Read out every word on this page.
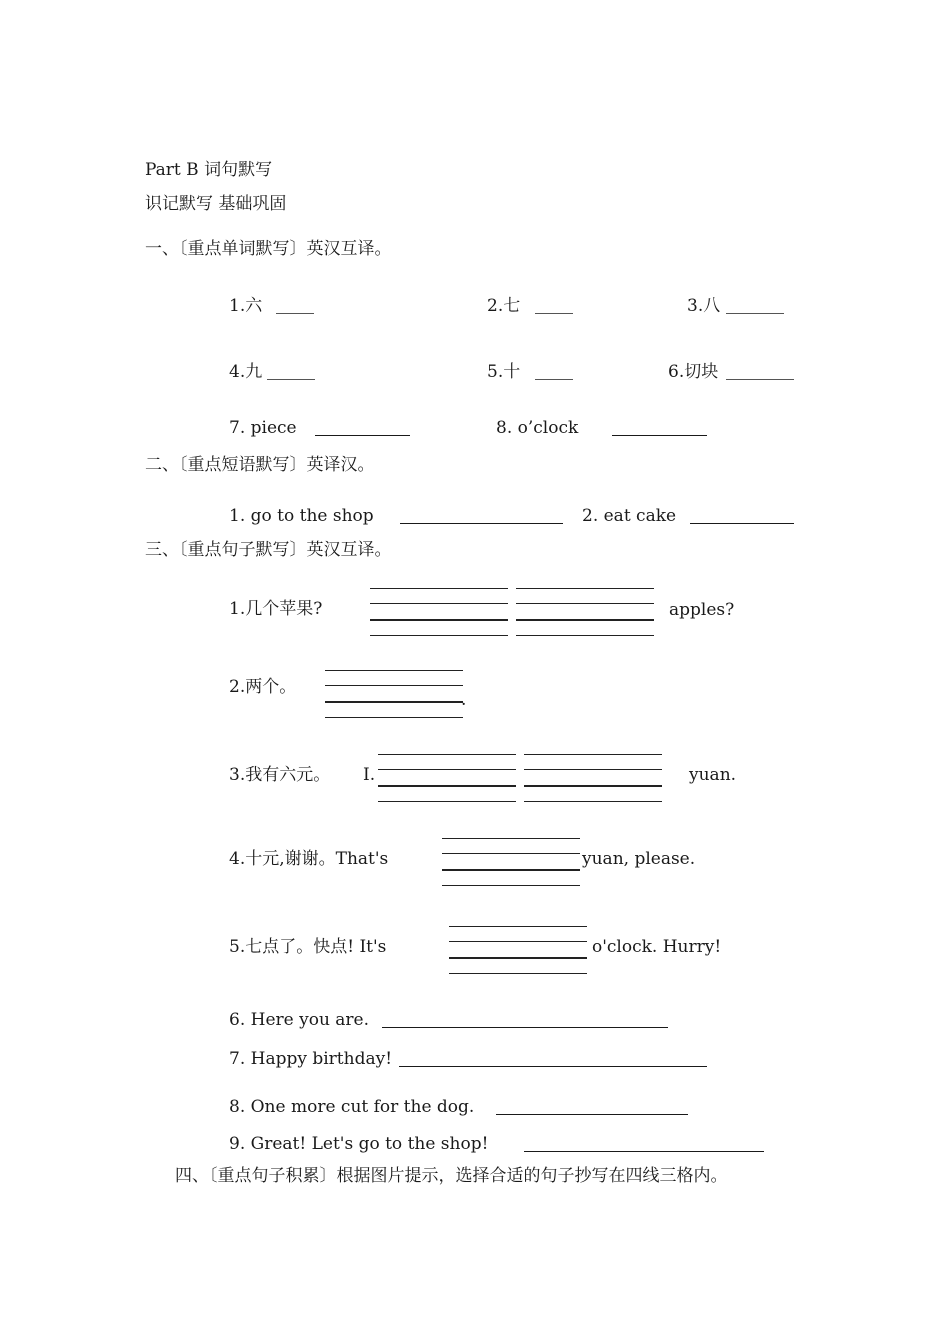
Part B 词句默写
识记默写 基础巩固
一、〔重点单词默写〕英汉互译。
1.六	2.七	3.八
4.九	5.十	6.切块
7. piece	8. o’clock
二、〔重点短语默写〕英译汉。
1. go to the shop	2. eat cake
三、〔重点句子默写〕英汉互译。
1.几个苹果?	apples?
2.两个。
.
3.我有六元。 I.	yuan.
4.十元,谢谢。That's	yuan, please.
5.七点了。快点! It's	o'clock. Hurry!
6. Here you are.
7. Happy birthday!
8. One more cut for the dog.
9. Great! Let's go to the shop!
四、〔重点句子积累〕根据图片提示，选择合适的句子抄写在四线三格内。
